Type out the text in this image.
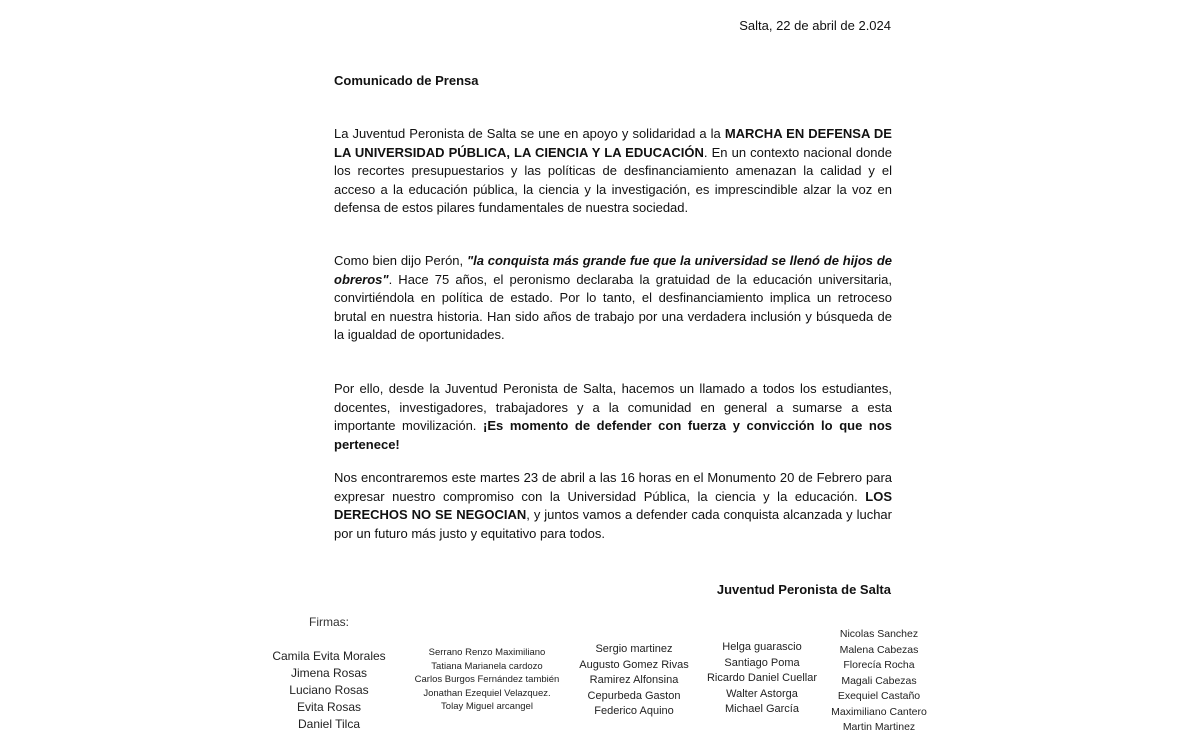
Salta, 22 de abril de 2.024
Comunicado de Prensa

La Juventud Peronista de Salta se une en apoyo y solidaridad a la MARCHA EN DEFENSA DE LA UNIVERSIDAD PÚBLICA, LA CIENCIA Y LA EDUCACIÓN. En un contexto nacional donde los recortes presupuestarios y las políticas de desfinanciamiento amenazan la calidad y el acceso a la educación pública, la ciencia y la investigación, es imprescindible alzar la voz en defensa de estos pilares fundamentales de nuestra sociedad.

Como bien dijo Perón, "la conquista más grande fue que la universidad se llenó de hijos de obreros". Hace 75 años, el peronismo declaraba la gratuidad de la educación universitaria, convirtiéndola en política de estado. Por lo tanto, el desfinanciamiento implica un retroceso brutal en nuestra historia. Han sido años de trabajo por una verdadera inclusión y búsqueda de la igualdad de oportunidades.

Por ello, desde la Juventud Peronista de Salta, hacemos un llamado a todos los estudiantes, docentes, investigadores, trabajadores y a la comunidad en general a sumarse a esta importante movilización. ¡Es momento de defender con fuerza y convicción lo que nos pertenece!

Nos encontraremos este martes 23 de abril a las 16 horas en el Monumento 20 de Febrero para expresar nuestro compromiso con la Universidad Pública, la ciencia y la educación. LOS DERECHOS NO SE NEGOCIAN, y juntos vamos a defender cada conquista alcanzada y luchar por un futuro más justo y equitativo para todos.

Juventud Peronista de Salta
Firmas:
Camila Evita Morales
Jimena Rosas
Luciano Rosas
Evita Rosas
Daniel Tilca
Serrano Renzo Maximiliano
Tatiana Marianela cardozo
Carlos Burgos Fernández también
Jonathan Ezequiel Velazquez.
Tolay Miguel arcangel
Sergio martinez
Augusto Gomez Rivas
Ramirez Alfonsina
Cepurbeda Gaston
Federico Aquino
Helga guarascio
Santiago Poma
Ricardo Daniel Cuellar
Walter Astorga
Michael García
Nicolas Sanchez
Malena Cabezas
Florecía Rocha
Magali Cabezas
Exequiel Castaño
Maximiliano Cantero
Martin Martinez
